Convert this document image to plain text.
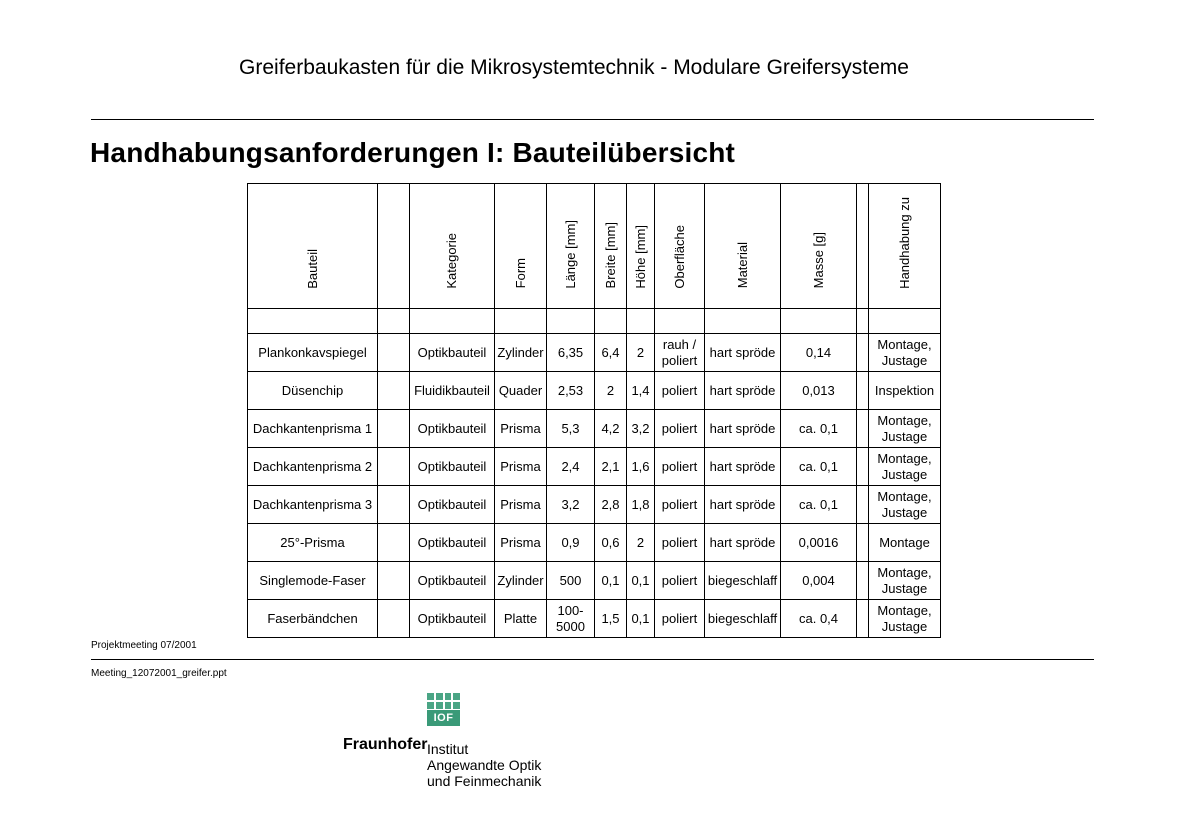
Greiferbaukasten für die Mikrosystemtechnik - Modulare Greifersysteme
Handhabungsanforderungen I: Bauteilübersicht
Bauteil		Kategorie	Form	Länge [mm]	Breite [mm]	Höhe [mm]	Oberfläche	Material	Masse [g]		Handhabung zu

Plankonkavspiegel		Optikbauteil	Zylinder	6,35	6,4	2	rauh / poliert	hart spröde	0,14		Montage, Justage
Düsenchip		Fluidikbauteil	Quader	2,53	2	1,4	poliert	hart spröde	0,013		Inspektion
Dachkantenprisma 1		Optikbauteil	Prisma	5,3	4,2	3,2	poliert	hart spröde	ca. 0,1		Montage, Justage
Dachkantenprisma 2		Optikbauteil	Prisma	2,4	2,1	1,6	poliert	hart spröde	ca. 0,1		Montage, Justage
Dachkantenprisma 3		Optikbauteil	Prisma	3,2	2,8	1,8	poliert	hart spröde	ca. 0,1		Montage, Justage
25°-Prisma		Optikbauteil	Prisma	0,9	0,6	2	poliert	hart spröde	0,0016		Montage
Singlemode-Faser		Optikbauteil	Zylinder	500	0,1	0,1	poliert	biegeschlaff	0,004		Montage, Justage
Faserbändchen		Optikbauteil	Platte	100-5000	1,5	0,1	poliert	biegeschlaff	ca. 0,4		Montage, Justage
Projektmeeting 07/2001
Meeting_12072001_greifer.ppt
IOF
Fraunhofer Institut
Angewandte Optik
und Feinmechanik
